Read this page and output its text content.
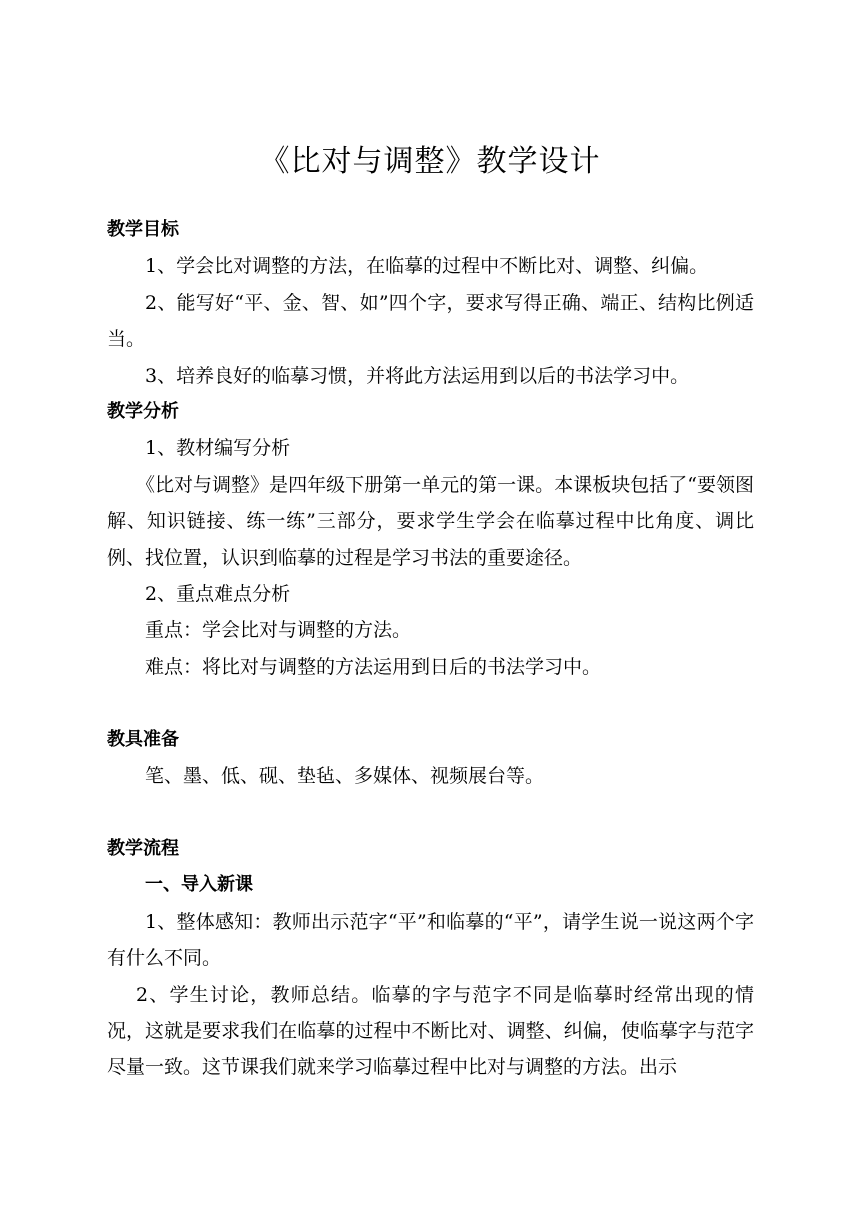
《比对与调整》教学设计

教学目标

1、学会比对调整的方法，在临摹的过程中不断比对、调整、纠偏。

2、能写好“平、金、智、如”四个字，要求写得正确、端正、结构比例适当。

3、培养良好的临摹习惯，并将此方法运用到以后的书法学习中。

教学分析

1、教材编写分析

《比对与调整》是四年级下册第一单元的第一课。本课板块包括了“要领图解、知识链接、练一练”三部分，要求学生学会在临摹过程中比角度、调比例、找位置，认识到临摹的过程是学习书法的重要途径。

2、重点难点分析

重点：学会比对与调整的方法。

难点：将比对与调整的方法运用到日后的书法学习中。

教具准备

笔、墨、低、砚、垫毡、多媒体、视频展台等。

教学流程

一、导入新课

1、整体感知：教师出示范字“平”和临摹的“平”，请学生说一说这两个字有什么不同。

2、学生讨论，教师总结。临摹的字与范字不同是临摹时经常出现的情况，这就是要求我们在临摹的过程中不断比对、调整、纠偏，使临摹字与范字尽量一致。这节课我们就来学习临摹过程中比对与调整的方法。出示
